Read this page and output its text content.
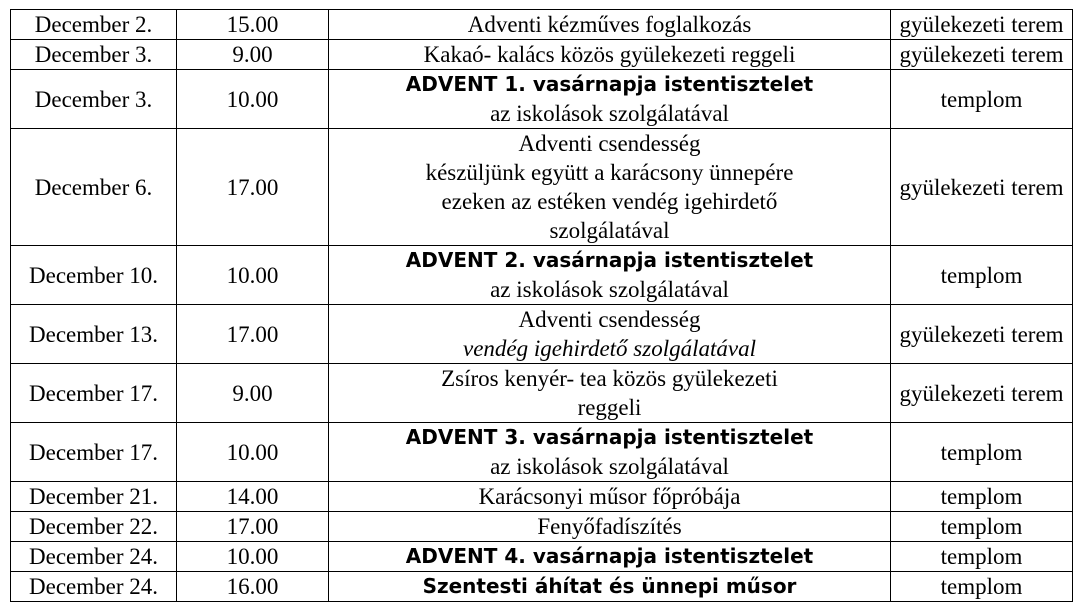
December 2.	15.00	Adventi kézműves foglalkozás	gyülekezeti terem
December 3.	9.00	Kakaó- kalács közös gyülekezeti reggeli	gyülekezeti terem
December 3.	10.00	ADVENT 1. vasárnapja istentisztelet
az iskolások szolgálatával	templom
December 6.	17.00	Adventi csendesség
készüljünk együtt a karácsony ünnepére
ezeken az estéken vendég igehirdető
szolgálatával	gyülekezeti terem
December 10.	10.00	ADVENT 2. vasárnapja istentisztelet
az iskolások szolgálatával	templom
December 13.	17.00	Adventi csendesség
vendég igehirdető szolgálatával	gyülekezeti terem
December 17.	9.00	Zsíros kenyér- tea közös gyülekezeti
reggeli	gyülekezeti terem
December 17.	10.00	ADVENT 3. vasárnapja istentisztelet
az iskolások szolgálatával	templom
December 21.	14.00	Karácsonyi műsor főpróbája	templom
December 22.	17.00	Fenyőfadíszítés	templom
December 24.	10.00	ADVENT 4. vasárnapja istentisztelet	templom
December 24.	16.00	Szentesti áhítat és ünnepi műsor	templom
